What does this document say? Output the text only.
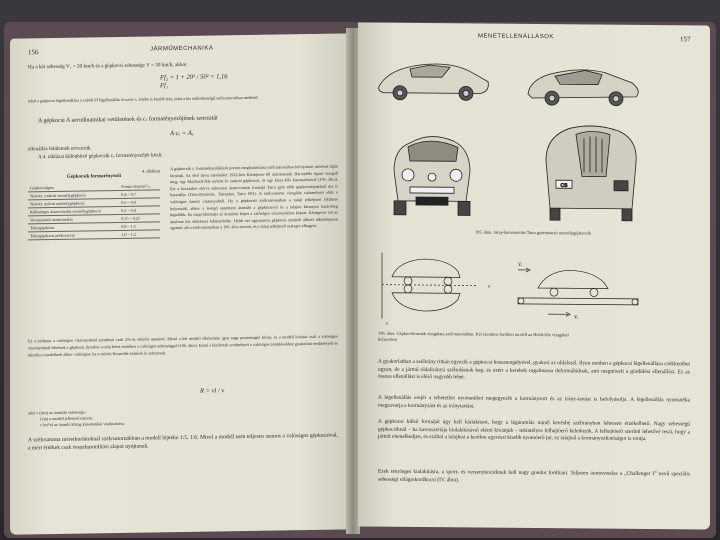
156	JÁRMŰMECHANIKA
Ha a két sebesség V₁ = 20 km/h és a gépkocsi sebessége V = 50 km/h, akkor
Ff₂ = 1 + 20² / 50² = 1,16
Ff₁
tehát a gépkocsi légellenállása a valódi Ff légellenállás és szeri cᵥ értéke is kisebb lesz, mint a kis szélsebességű szélcsatornában mérhető.
A gépkocsi A aerodinamikai vetületének és cᵥ formatényezőjének szorzatát
A·cᵥ = Aᵥ
ellenállás felületnek nevezzük.
A 4. táblázat különböző gépkocsik cᵥ formatényezőjét közli.
4. táblázat
Gépkocsik formatényezői
Gépkocsitípus	Forma-tényező cᵥ
Nyitott, csukott személygépkocsi	0,4 – 0,7
Nyitott, nyitott személygépkocsi	0,6 – 0,9
Különleges áramvonalas személygépkocsi	0,2 – 0,4
Versenyautó áramvonalas	0,15 – 0,25
Tehergépkocsi	0,8 – 1,5
Tehergépkocsi pótkocsival	1,0 – 1,2
A gépkocsik cᵥ formatényezőjének pontos meghatározása szélcsatornában lefolytatott mérések útján történik. Az első ilyen méréseket 1922-ben Klemperer-től származnak. Háromféle típust vizsgált meg, egy Maybach-féle nyitott és csukott gépkocsit, és egy Járay-féle karosszériával (195. ábra). Ezt a korszakot elérve sikeresen áramvonalas formájú Tatra gyár több gépkocsitípusánál ma is használja (Tatra-Dynamic, Tatraplan, Tatra 603). A szélcsatorna vizsgálat valamelyest eltér a valóságos üzemi viszonyoktól. Ha a gépkocsit szélcsatornában a talajt jelképező felületre helyezzük, akkor a levegő szembeni áramlás a gépkocsival és a talajon bizonyos határréteg képződik. Ez megváltoztatja az áramlási képet a valóságos viszonyokhoz képest. Klemperer ezt az ártalmat kis eltéréssel kiküszöbölte. Heldt ezt ugyanazon gépkocsi modellt állított tükörképesen egymás alá a szélcsatornában a 196. ábra szerint, és a talajt jelképező szalagot elhagyta.
Ez a módszer a valóságos viszonyoknál szembeni csak 2%-os eltérést mutatott. Mivel a két modell elkészítése igen nagy pontosságot kíván, és a modell leírásai csak a valóságos viszonyoknál lehetnek a gépkocsi ilyenkor a talaj felett esetében a valóságos sebességgel (196. ábra). Ezzel a kísérletek eredményét a valóságos áramlásokhoz gyakorlati eredmények és minden a modellnek akkor valóságos, ha a mérési Reynolds-számok és arányosak.
R = vl / ν
ahol v (m/s) az áramlás sebessége;
l (m) a modell jellemző mérete;
ν (m²/s) az áramló közeg kinematikai viszkozitása.
A szélcsatorna méretkorlátoknál szélcsatornákban a modell léptéke 1:5, 1:6. Mivel a modell nem teljesen azonos a valóságos gépkocsival, a mért értékek csak összehasonlítási alapot nyújtanak.
MENETELLENÁLLÁSOK	157
M-47319
CS
195. ábra. Járay-karosszériás Tatra gyártmányú személygépkocsik
Vᵥ
v
Vₓ
v
196. ábra. Gépkocsiformák vizsgálata szélcsatornában. Két szemben fordított modell az Heldt-féle vizsgálati helyzetben
A gyakorlatban a szélirány ritkán egyezik a gépkocsi hossztengelyével, gyakori az oldalszél. Ilyen esetben a gépkocsi légellenállása csökkenthet ugyan, de a jármű oldalirányú széltolásnak kap, és ezért a kerekek rugalmassa deformálódnak, ami megnöveli a gördülési ellenállást. Ez az összes ellenállást is elérő nagyobb lehet.
A légellenállás erejét a tehetetlen nyomatékot megegyezik a kormányzott és az irány-tartást is befolyásolja. A légellenállás nyomatéka megzavarja a kormányzást és az iránytartást.
A gépkocsi külső formáját úgy kell kialakítani, hogy a légáramlás minél kevésbé szélirányban lehessen érzékelhető. Nagy sebességű gépkocsiknál – ha karosszériája kialakításával elérni kívánjuk – tekintélyes felhajtóerő keletkezik. A felhajtóerő szerinti lehetővé teszi, hogy a jármű elemelkedjen, és ezáltal a talajhoz a kerékre egyrészt kisebb nyomóerő jut, ez talajnál a kormányozhatóságot is rontja.
Ezek tényleges kialakításra, a sport- és versenykocsiknak kell nagy gondot fordítani. Teljesen áramvonalas a „Challenger I” nevű speciális sebességi világrekordkocsi (IV. ábra).
